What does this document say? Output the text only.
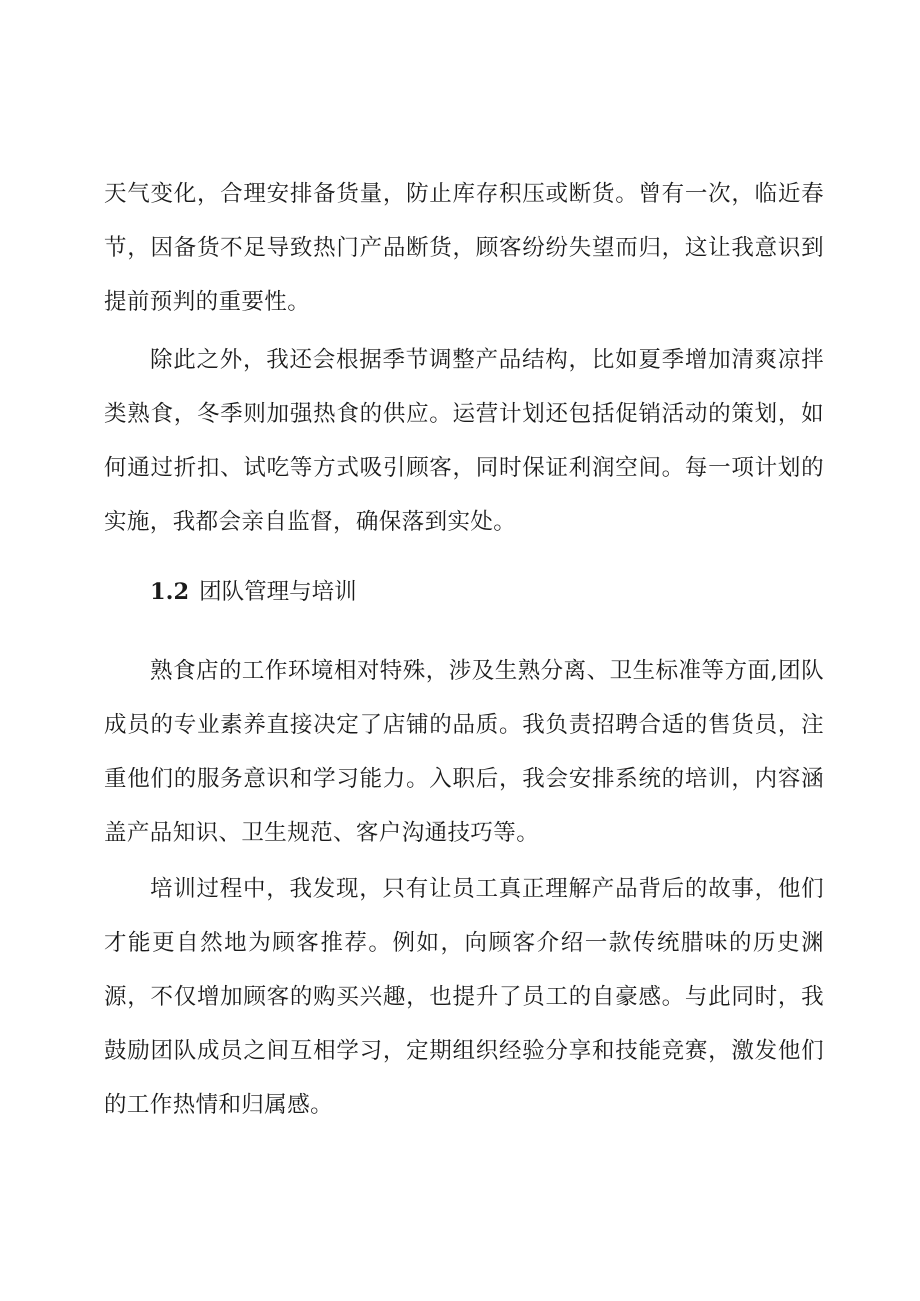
天气变化，合理安排备货量，防止库存积压或断货。曾有一次，临近春节，因备货不足导致热门产品断货，顾客纷纷失望而归，这让我意识到提前预判的重要性。

除此之外，我还会根据季节调整产品结构，比如夏季增加清爽凉拌类熟食，冬季则加强热食的供应。运营计划还包括促销活动的策划，如何通过折扣、试吃等方式吸引顾客，同时保证利润空间。每一项计划的实施，我都会亲自监督，确保落到实处。

1.2 团队管理与培训

熟食店的工作环境相对特殊，涉及生熟分离、卫生标准等方面,团队成员的专业素养直接决定了店铺的品质。我负责招聘合适的售货员，注重他们的服务意识和学习能力。入职后，我会安排系统的培训，内容涵盖产品知识、卫生规范、客户沟通技巧等。

培训过程中，我发现，只有让员工真正理解产品背后的故事，他们才能更自然地为顾客推荐。例如，向顾客介绍一款传统腊味的历史渊源，不仅增加顾客的购买兴趣，也提升了员工的自豪感。与此同时，我鼓励团队成员之间互相学习，定期组织经验分享和技能竞赛，激发他们的工作热情和归属感。
